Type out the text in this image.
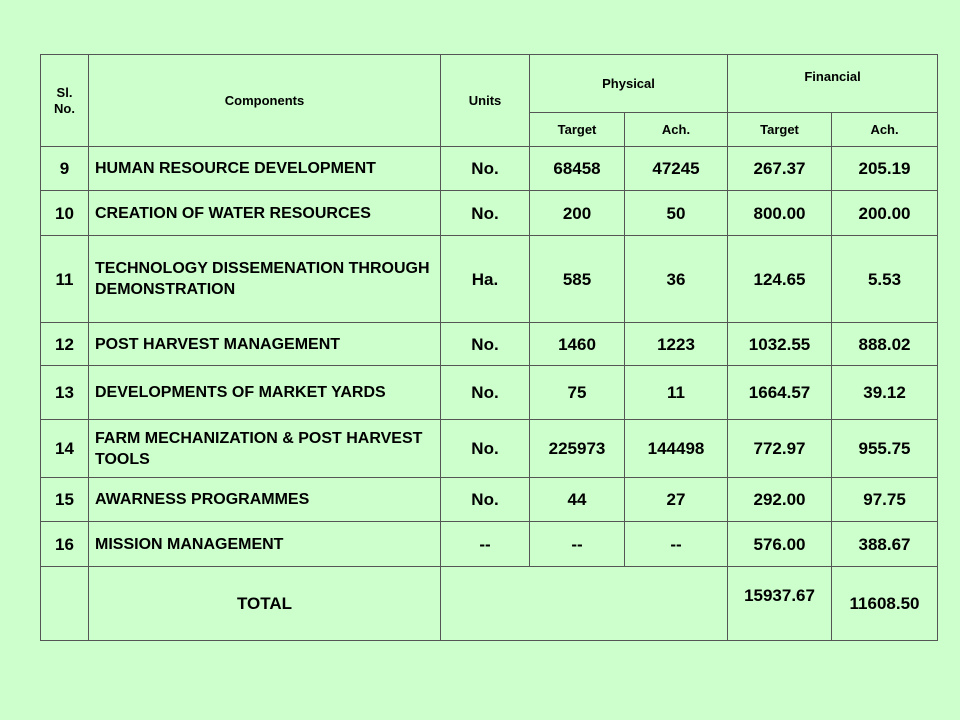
Sl. No.	Components	Units	Physical		Financial	
			Target	Ach.	Target	Ach.
9	HUMAN RESOURCE DEVELOPMENT	No.	68458	47245	267.37	205.19
10	CREATION OF WATER RESOURCES	No.	200	50	800.00	200.00
11	TECHNOLOGY DISSEMENATION THROUGH DEMONSTRATION	Ha.	585	36	124.65	5.53
12	POST HARVEST MANAGEMENT	No.	1460	1223	1032.55	888.02
13	DEVELOPMENTS OF MARKET YARDS	No.	75	11	1664.57	39.12
14	FARM MECHANIZATION & POST HARVEST TOOLS	No.	225973	144498	772.97	955.75
15	AWARNESS PROGRAMMES	No.	44	27	292.00	97.75
16	MISSION MANAGEMENT	--	--	--	576.00	388.67
	TOTAL				15937.67	11608.50
